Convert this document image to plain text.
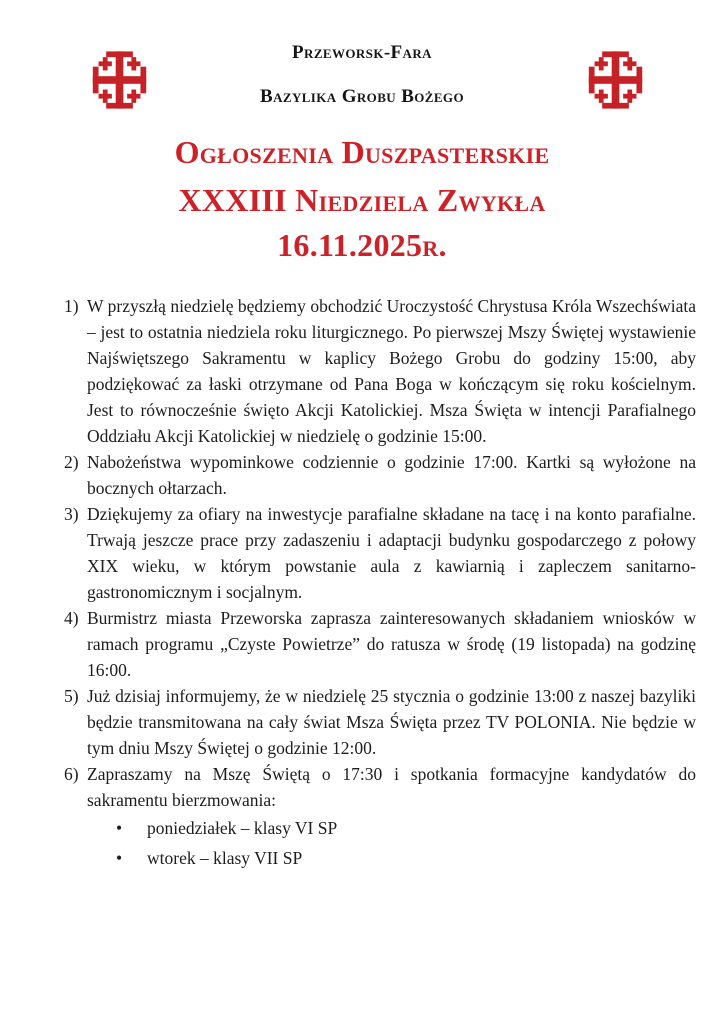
Przeworsk-Fara
Bazylika Grobu Bożego
Ogłoszenia Duszpasterskie
XXXIII Niedziela Zwykła
16.11.2025r.
1) W przyszłą niedzielę będziemy obchodzić Uroczystość Chrystusa Króla Wszechświata – jest to ostatnia niedziela roku liturgicznego. Po pierwszej Mszy Świętej wystawienie Najświętszego Sakramentu w kaplicy Bożego Grobu do godziny 15:00, aby podziękować za łaski otrzymane od Pana Boga w kończącym się roku kościelnym. Jest to równocześnie święto Akcji Katolickiej. Msza Święta w intencji Parafialnego Oddziału Akcji Katolickiej w niedzielę o godzinie 15:00.
2) Nabożeństwa wypominkowe codziennie o godzinie 17:00. Kartki są wyłożone na bocznych ołtarzach.
3) Dziękujemy za ofiary na inwestycje parafialne składane na tacę i na konto parafialne. Trwają jeszcze prace przy zadaszeniu i adaptacji budynku gospodarczego z połowy XIX wieku, w którym powstanie aula z kawiarnią i zapleczem sanitarno-gastronomicznym i socjalnym.
4) Burmistrz miasta Przeworska zaprasza zainteresowanych składaniem wniosków w ramach programu „Czyste Powietrze” do ratusza w środę (19 listopada) na godzinę 16:00.
5) Już dzisiaj informujemy, że w niedzielę 25 stycznia o godzinie 13:00 z naszej bazyliki będzie transmitowana na cały świat Msza Święta przez TV POLONIA. Nie będzie w tym dniu Mszy Świętej o godzinie 12:00.
6) Zapraszamy na Mszę Świętą o 17:30 i spotkania formacyjne kandydatów do sakramentu bierzmowania:
• poniedziałek – klasy VI SP
• wtorek – klasy VII SP
